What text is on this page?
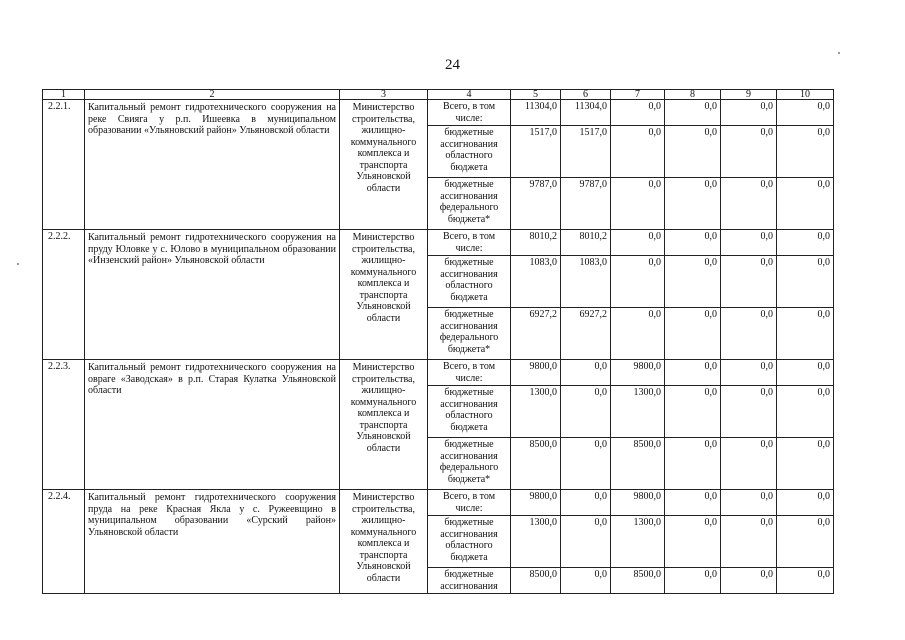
24
1	2	3	4	5	6	7	8	9	10
2.2.1.	Капитальный ремонт гидротехнического сооружения на реке Свияга у р.п. Ишеевка в муниципальном образовании «Ульяновский район» Ульяновской области	Министерство строительства, жилищно-коммунального комплекса и транспорта Ульяновской области	Всего, в том числе:	11304,0	11304,0	0,0	0,0	0,0	0,0
			бюджетные ассигнования областного бюджета	1517,0	1517,0	0,0	0,0	0,0	0,0
			бюджетные ассигнования федерального бюджета*	9787,0	9787,0	0,0	0,0	0,0	0,0
2.2.2.	Капитальный ремонт гидротехнического сооружения на пруду Юловке у с. Юлово в муниципальном образовании «Инзенский район» Ульяновской области	Министерство строительства, жилищно-коммунального комплекса и транспорта Ульяновской области	Всего, в том числе:	8010,2	8010,2	0,0	0,0	0,0	0,0
			бюджетные ассигнования областного бюджета	1083,0	1083,0	0,0	0,0	0,0	0,0
			бюджетные ассигнования федерального бюджета*	6927,2	6927,2	0,0	0,0	0,0	0,0
2.2.3.	Капитальный ремонт гидротехнического сооружения на овраге «Заводская» в р.п. Старая Кулатка Ульяновской области	Министерство строительства, жилищно-коммунального комплекса и транспорта Ульяновской области	Всего, в том числе:	9800,0	0,0	9800,0	0,0	0,0	0,0
			бюджетные ассигнования областного бюджета	1300,0	0,0	1300,0	0,0	0,0	0,0
			бюджетные ассигнования федерального бюджета*	8500,0	0,0	8500,0	0,0	0,0	0,0
2.2.4.	Капитальный ремонт гидротехнического сооружения пруда на реке Красная Якла у с. Ружеевщино в муниципальном образовании «Сурский район» Ульяновской области	Министерство строительства, жилищно-коммунального комплекса и транспорта Ульяновской области	Всего, в том числе:	9800,0	0,0	9800,0	0,0	0,0	0,0
			бюджетные ассигнования областного бюджета	1300,0	0,0	1300,0	0,0	0,0	0,0
			бюджетные ассигнования	8500,0	0,0	8500,0	0,0	0,0	0,0
